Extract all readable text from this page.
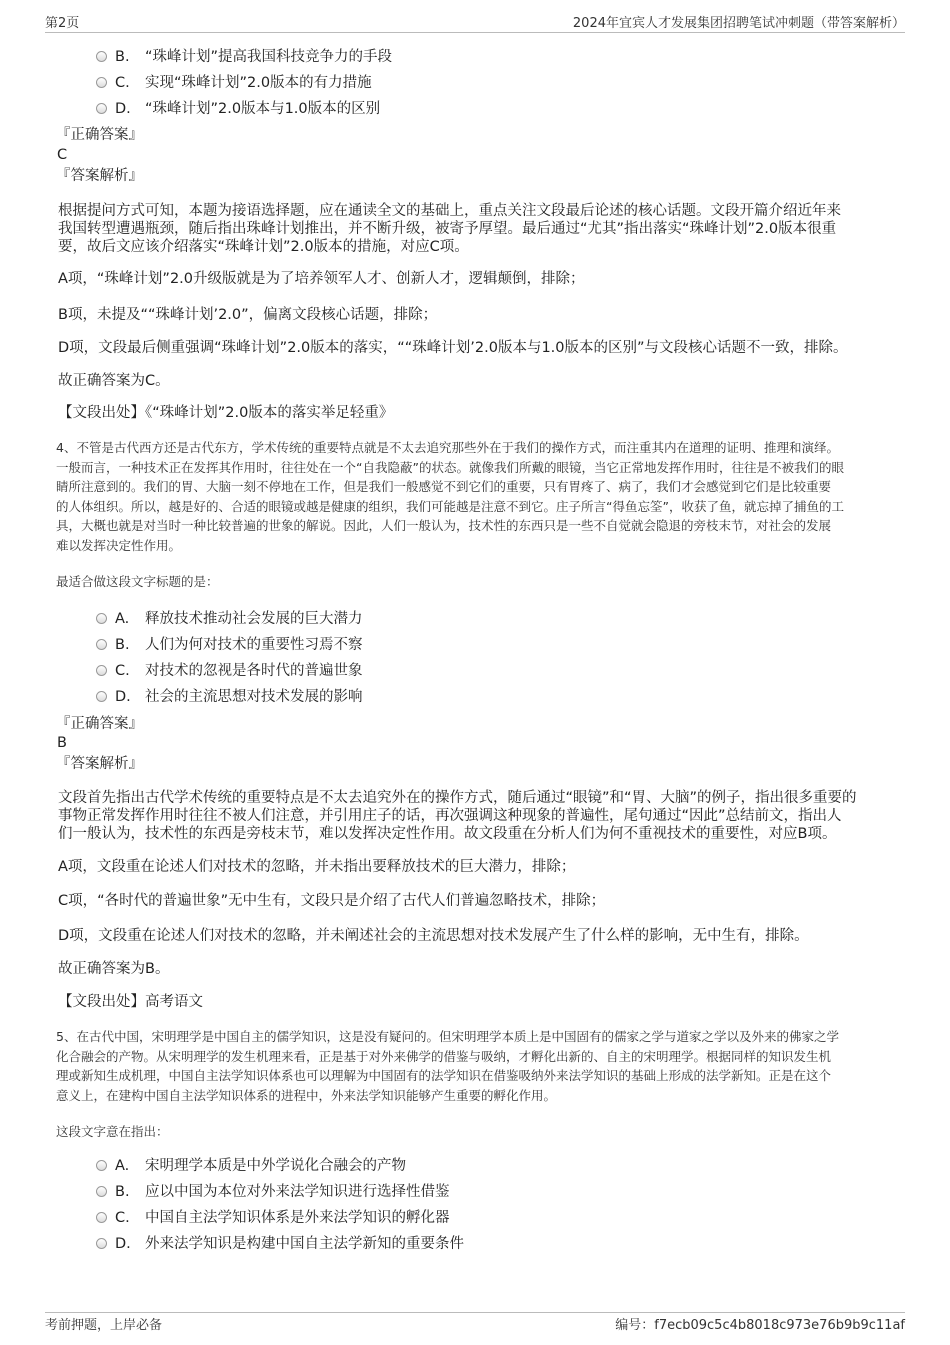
第2页	2024年宜宾人才发展集团招聘笔试冲刺题（带答案解析）
B. “珠峰计划”提高我国科技竞争力的手段
C. 实现“珠峰计划”2.0版本的有力措施
D. “珠峰计划”2.0版本与1.0版本的区别
『正确答案』
C
『答案解析』
根据提问方式可知，本题为接语选择题，应在通读全文的基础上，重点关注文段最后论述的核心话题。文段开篇介绍近年来
我国转型遭遇瓶颈，随后指出珠峰计划推出，并不断升级，被寄予厚望。最后通过“尤其”指出落实“珠峰计划”2.0版本很重
要，故后文应该介绍落实“珠峰计划”2.0版本的措施，对应C项。
A项，“珠峰计划”2.0升级版就是为了培养领军人才、创新人才，逻辑颠倒，排除；
B项，未提及““珠峰计划’2.0”，偏离文段核心话题，排除；
D项，文段最后侧重强调“珠峰计划”2.0版本的落实，““珠峰计划’2.0版本与1.0版本的区别”与文段核心话题不一致，排除。
故正确答案为C。
【文段出处】《“珠峰计划”2.0版本的落实举足轻重》
4、不管是古代西方还是古代东方，学术传统的重要特点就是不太去追究那些外在于我们的操作方式，而注重其内在道理的证明、推理和演绎。
一般而言，一种技术正在发挥其作用时，往往处在一个“自我隐蔽”的状态。就像我们所戴的眼镜，当它正常地发挥作用时，往往是不被我们的眼
睛所注意到的。我们的胃、大脑一刻不停地在工作，但是我们一般感觉不到它们的重要，只有胃疼了、病了，我们才会感觉到它们是比较重要
的人体组织。所以，越是好的、合适的眼镜或越是健康的组织，我们可能越是注意不到它。庄子所言“得鱼忘筌”，收获了鱼，就忘掉了捕鱼的工
具，大概也就是对当时一种比较普遍的世象的解说。因此，人们一般认为，技术性的东西只是一些不自觉就会隐退的旁枝末节，对社会的发展
难以发挥决定性作用。
最适合做这段文字标题的是：
A. 释放技术推动社会发展的巨大潜力
B. 人们为何对技术的重要性习焉不察
C. 对技术的忽视是各时代的普遍世象
D. 社会的主流思想对技术发展的影响
『正确答案』
B
『答案解析』
文段首先指出古代学术传统的重要特点是不太去追究外在的操作方式，随后通过“眼镜”和“胃、大脑”的例子，指出很多重要的
事物正常发挥作用时往往不被人们注意，并引用庄子的话，再次强调这种现象的普遍性，尾句通过“因此”总结前文，指出人
们一般认为，技术性的东西是旁枝末节，难以发挥决定性作用。故文段重在分析人们为何不重视技术的重要性，对应B项。
A项，文段重在论述人们对技术的忽略，并未指出要释放技术的巨大潜力，排除；
C项，“各时代的普遍世象”无中生有，文段只是介绍了古代人们普遍忽略技术，排除；
D项，文段重在论述人们对技术的忽略，并未阐述社会的主流思想对技术发展产生了什么样的影响，无中生有，排除。
故正确答案为B。
【文段出处】高考语文
5、在古代中国，宋明理学是中国自主的儒学知识，这是没有疑问的。但宋明理学本质上是中国固有的儒家之学与道家之学以及外来的佛家之学
化合融会的产物。从宋明理学的发生机理来看，正是基于对外来佛学的借鉴与吸纳，才孵化出新的、自主的宋明理学。根据同样的知识发生机
理或新知生成机理，中国自主法学知识体系也可以理解为中国固有的法学知识在借鉴吸纳外来法学知识的基础上形成的法学新知。正是在这个
意义上，在建构中国自主法学知识体系的进程中，外来法学知识能够产生重要的孵化作用。
这段文字意在指出：
A. 宋明理学本质是中外学说化合融会的产物
B. 应以中国为本位对外来法学知识进行选择性借鉴
C. 中国自主法学知识体系是外来法学知识的孵化器
D. 外来法学知识是构建中国自主法学新知的重要条件
考前押题，上岸必备	编号：f7ecb09c5c4b8018c973e76b9b9c11af
